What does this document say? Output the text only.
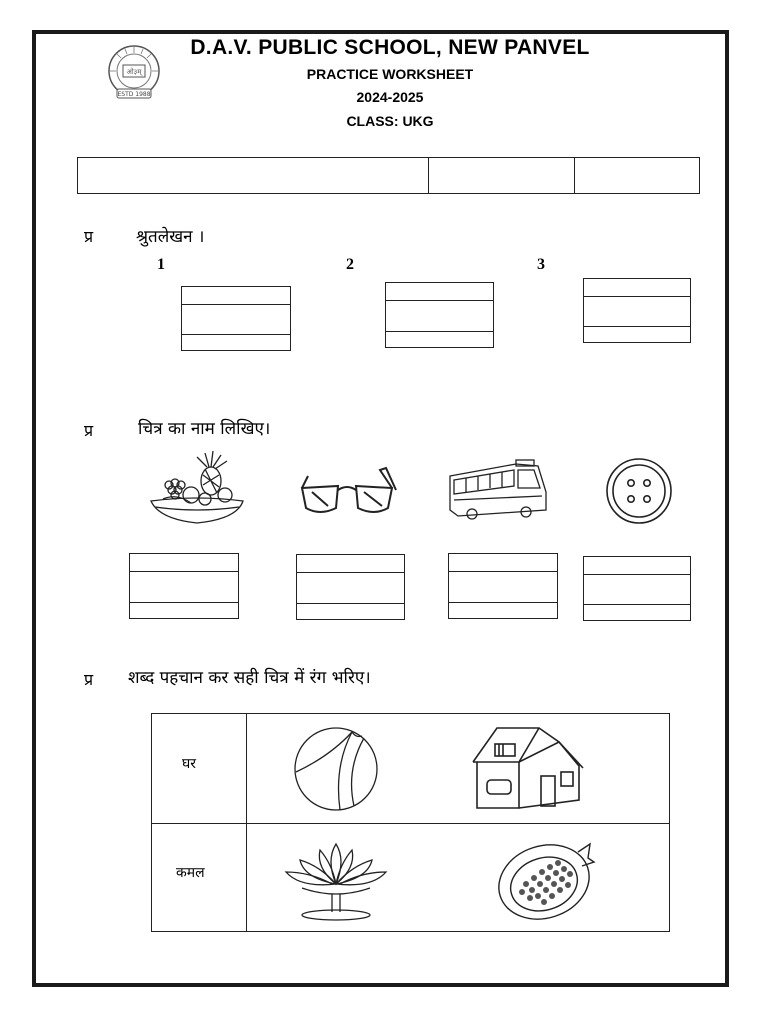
ओ३म्
ESTD 1988
D.A.V. PUBLIC SCHOOL, NEW PANVEL
PRACTICE WORKSHEET
2024-2025
CLASS: UKG
प्र	श्रुतलेखन ।
1	2	3
प्र	चित्र का नाम लिखिए।
प्र शब्द पहचान कर सही चित्र में रंग भरिए।
घर
कमल
